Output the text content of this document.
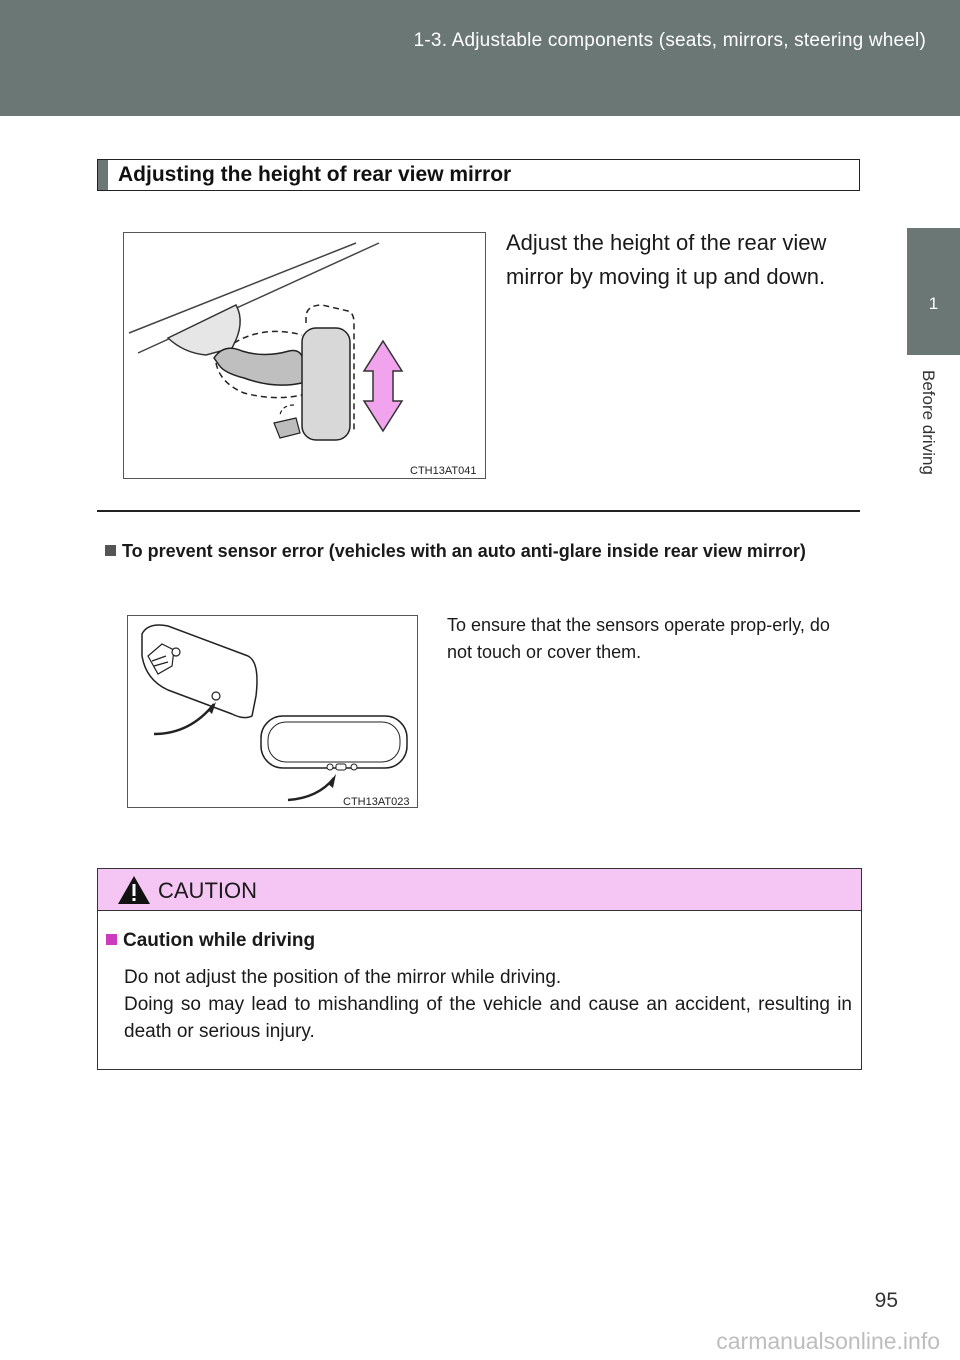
1-3. Adjustable components (seats, mirrors, steering wheel)
1
Before driving
Adjusting the height of rear view mirror
CTH13AT041
Adjust the height of the rear view mirror by moving it up and down.
To prevent sensor error (vehicles with an auto anti-glare inside rear view mirror)
CTH13AT023
To ensure that the sensors operate prop-erly, do not touch or cover them.
CAUTION
Caution while driving

Do not adjust the position of the mirror while driving.

Doing so may lead to mishandling of the vehicle and cause an accident, resulting in death or serious injury.

95
carmanualsonline.info
